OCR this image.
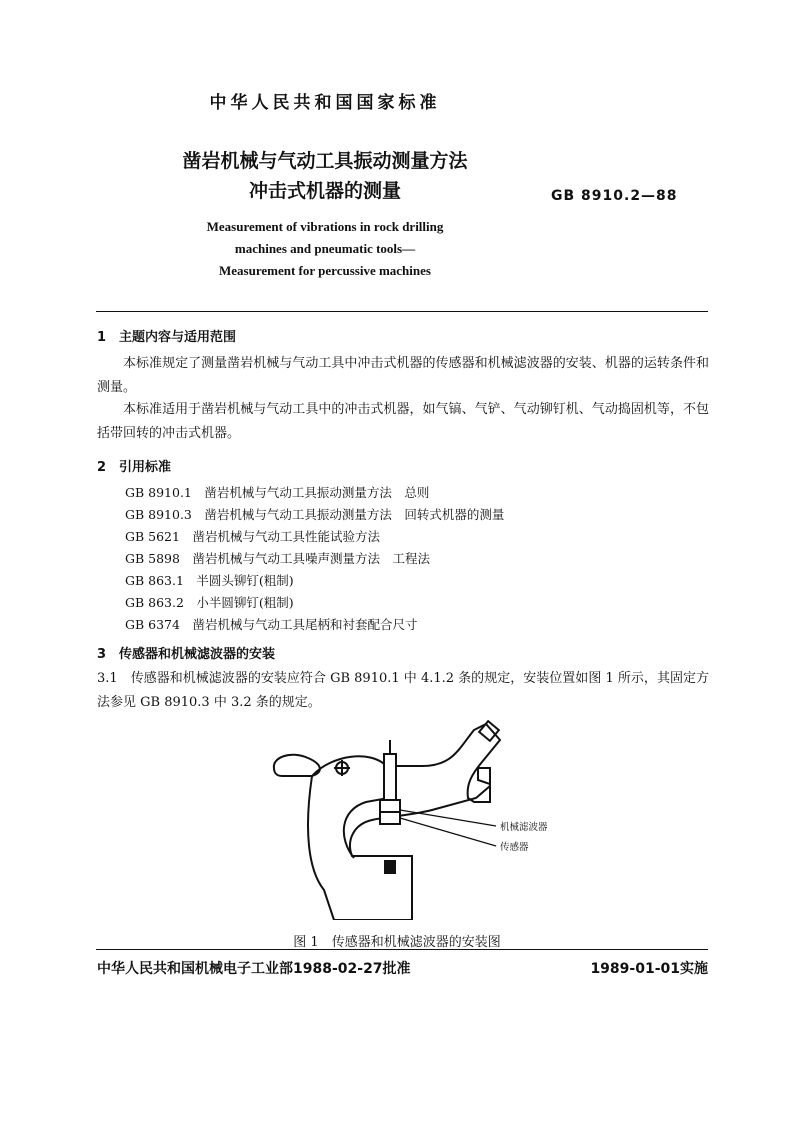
中华人民共和国国家标准
凿岩机械与气动工具振动测量方法
冲击式机器的测量	GB 8910.2—88
Measurement of vibrations in rock drilling
machines and pneumatic tools—
Measurement for percussive machines
1　主题内容与适用范围
本标准规定了测量凿岩机械与气动工具中冲击式机器的传感器和机械滤波器的安装、机器的运转条件和测量。
本标准适用于凿岩机械与气动工具中的冲击式机器，如气镐、气铲、气动铆钉机、气动捣固机等，不包括带回转的冲击式机器。
2　引用标准
GB 8910.1　凿岩机械与气动工具振动测量方法　总则
GB 8910.3　凿岩机械与气动工具振动测量方法　回转式机器的测量
GB 5621　凿岩机械与气动工具性能试验方法
GB 5898　凿岩机械与气动工具噪声测量方法　工程法
GB 863.1　半圆头铆钉(粗制)
GB 863.2　小半圆铆钉(粗制)
GB 6374　凿岩机械与气动工具尾柄和衬套配合尺寸
3　传感器和机械滤波器的安装
3.1　传感器和机械滤波器的安装应符合 GB 8910.1 中 4.1.2 条的规定，安装位置如图 1 所示，其固定方法参见 GB 8910.3 中 3.2 条的规定。
机械滤波器
传感器
图 1　传感器和机械滤波器的安装图
中华人民共和国机械电子工业部1988-02-27批准	1989-01-01实施
